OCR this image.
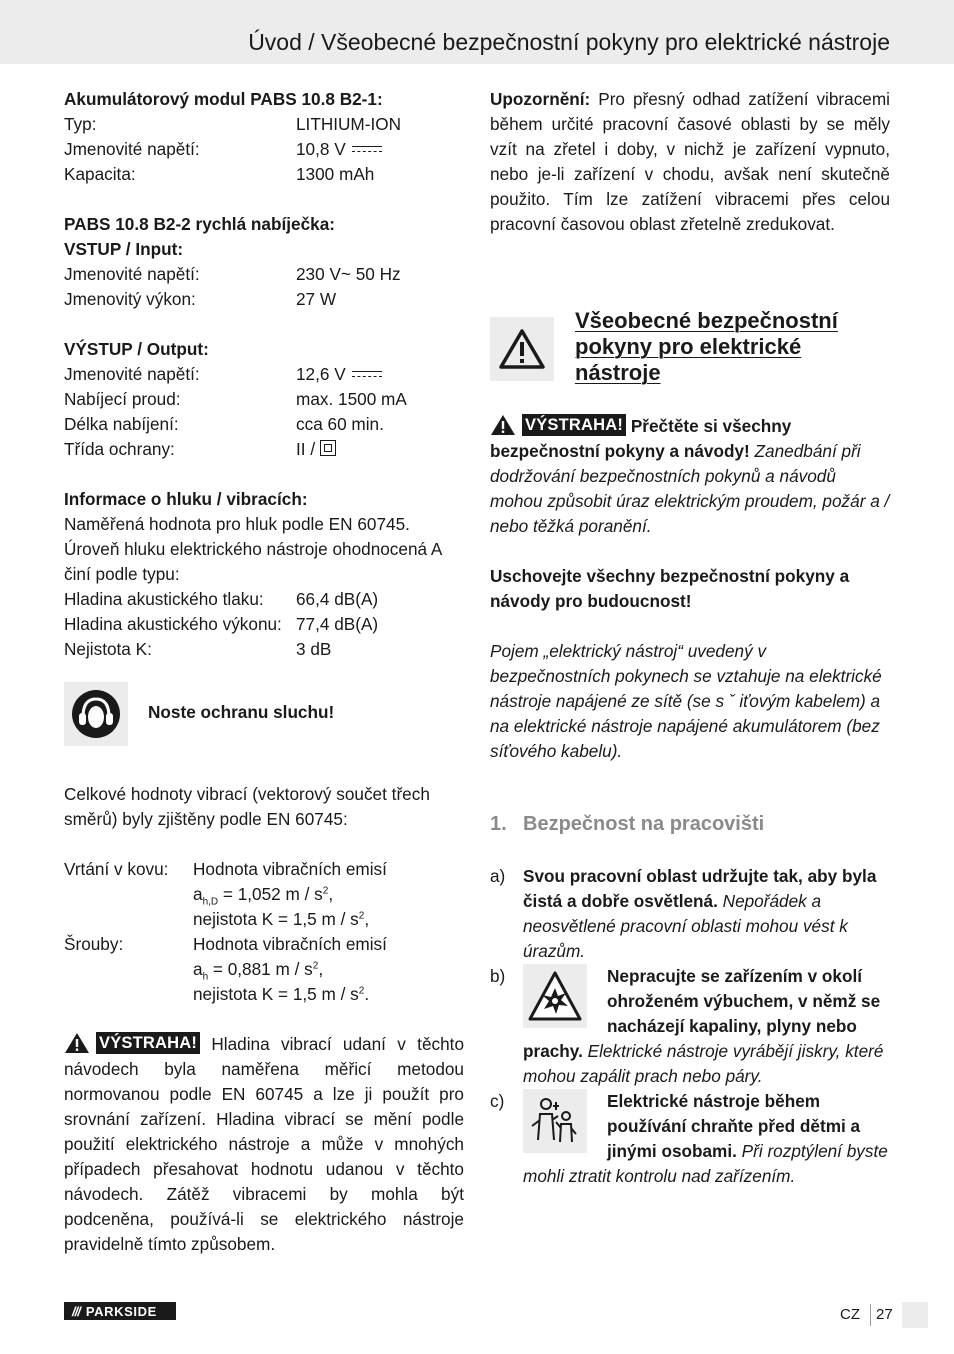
Úvod / Všeobecné bezpečnostní pokyny pro elektrické nástroje

Akumulátorový modul PABS 10.8 B2-1:

Typ:	LITHIUM-ION
Jmenovité napětí:	10,8 V
Kapacita:	1300 mAh

PABS 10.8 B2-2 rychlá nabíječka:

VSTUP / Input:

Jmenovité napětí:	230 V~ 50 Hz
Jmenovitý výkon:	27 W

VÝSTUP / Output:

Jmenovité napětí:	12,6 V
Nabíjecí proud:	max. 1500 mA
Délka nabíjení:	cca 60 min.
Třída ochrany:	II /

Informace o hluku / vibracích:

Naměřená hodnota pro hluk podle EN 60745. Úroveň hluku elektrického nástroje ohodnocená A činí podle typu:

Hladina akustického tlaku: 66,4 dB(A)
Hladina akustického výkonu: 77,4 dB(A)
Nejistota K:	3 dB
Noste ochranu sluchu!

Celkové hodnoty vibrací (vektorový součet třech směrů) byly zjištěny podle EN 60745:

Vrtání v kovu: Hodnota vibračních emisí
$a_{h,D} = 1,052$ m / $s^2$,
nejistota K = 1,5 m / $s^2$,
Šrouby:	Hodnota vibračních emisí
$a_h = 0,881$ m / $s^2$,
nejistota K = 1,5 m / $s^2$.

VÝSTRAHA! Hladina vibrací udaní v těchto návodech byla naměřena měřicí metodou normovanou podle EN 60745 a lze ji použít pro srovnání zařízení. Hladina vibrací se mění podle použití elektrického nástroje a může v mnohých případech přesahovat hodnotu udanou v těchto návodech. Zátěž vibracemi by mohla být podceněna, používá-li se elektrického nástroje pravidelně tímto způsobem.

Upozornění: Pro přesný odhad zatížení vibracemi během určité pracovní časové oblasti by se měly vzít na zřetel i doby, v nichž je zařízení vypnuto, nebo je-li zařízení v chodu, avšak není skutečně použito. Tím lze zatížení vibracemi přes celou pracovní časovou oblast zřetelně zredukovat.

Všeobecné bezpečnostní pokyny pro elektrické nástroje

VÝSTRAHA! Přečtěte si všechny bezpečnostní pokyny a návody! Zanedbání při dodržování bezpečnostních pokynů a návodů mohou způsobit úraz elektrickým proudem, požár a / nebo těžká poranění.

Uschovejte všechny bezpečnostní pokyny a návody pro budoucnost!

Pojem „elektrický nástroj“ uvedený v bezpečnostních pokynech se vztahuje na elektrické nástroje napájené ze sítě (se s ˇ iťovým kabelem) a na elektrické nástroje napájené akumulátorem (bez síťového kabelu).

1. Bezpečnost na pracovišti
a) Svou pracovní oblast udržujte tak, aby byla čistá a dobře osvětlená. Nepořádek a neosvětlené pracovní oblasti mohou vést k úrazům.
b)	Nepracujte se zařízením v okolí ohroženém výbuchem, v němž se nacházejí kapaliny, plyny nebo prachy. Elektrické nástroje vyrábějí jiskry, které mohou zapálit prach nebo páry.
c)	Elektrické nástroje během používání chraňte před dětmi a jinými osobami. Při rozptýlení byste mohli ztratit kontrolu nad zařízením.
/// PARKSIDE	CZ 27
